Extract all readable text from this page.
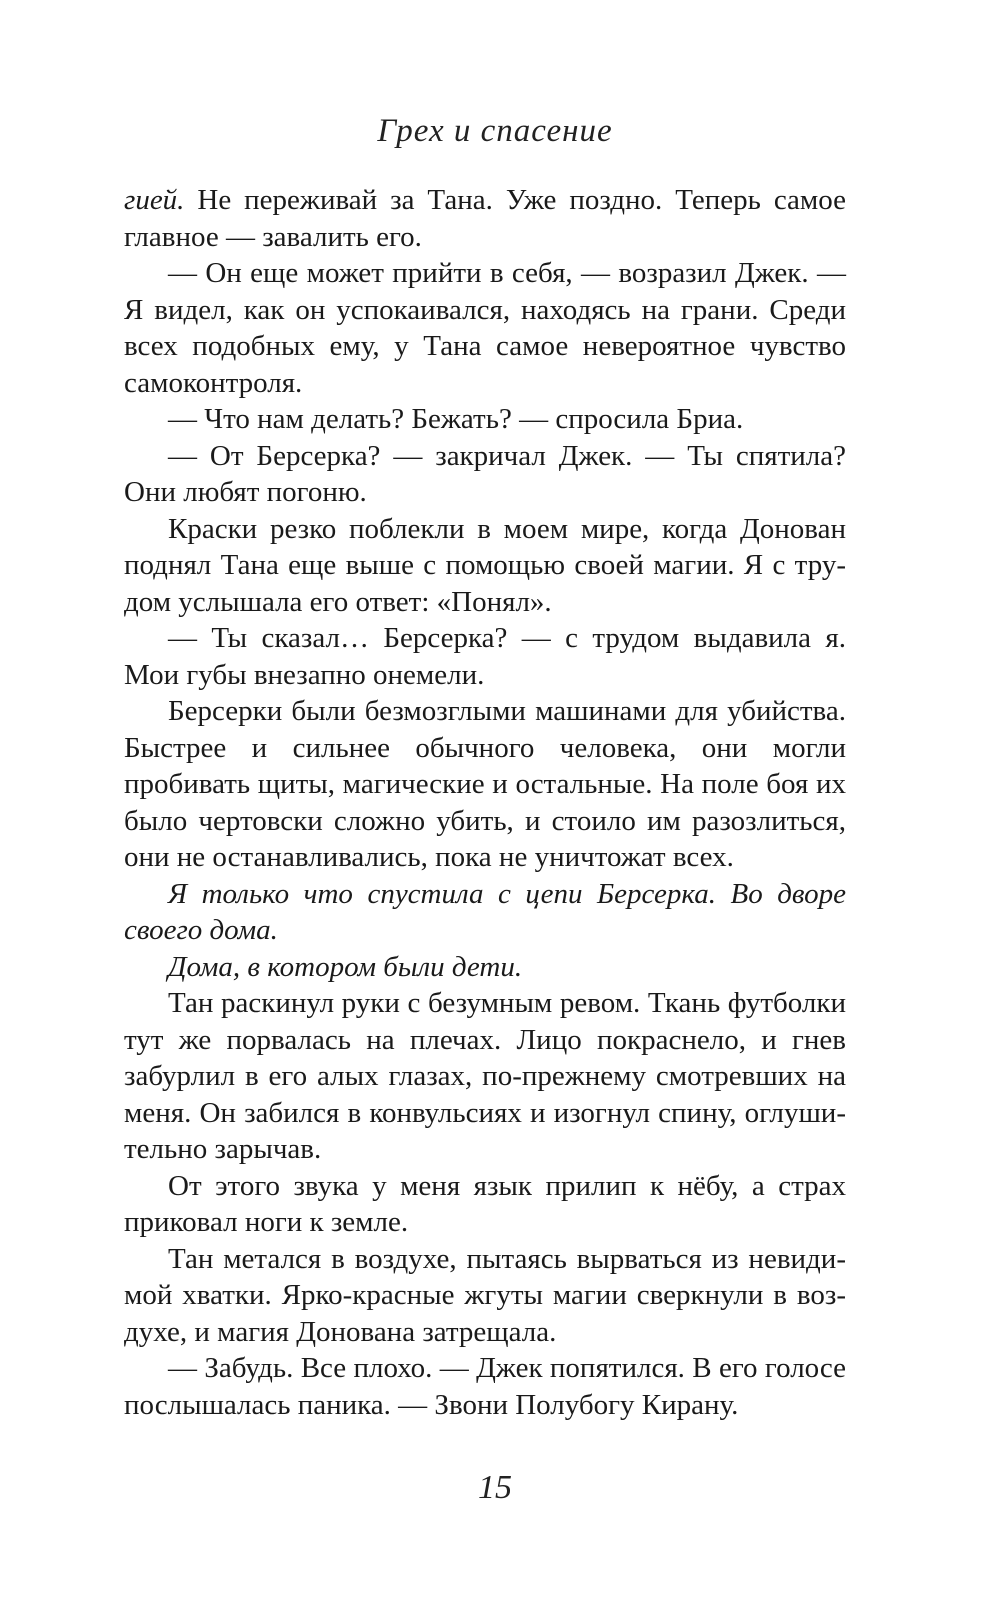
Грех и спасение

гией. Не переживай за Тана. Уже поздно. Теперь самое главное — завалить его.

— Он еще может прийти в себя, — возразил Джек. — Я видел, как он успокаивался, находясь на грани. Среди всех подобных ему, у Тана самое невероятное чувство самоконтроля.

— Что нам делать? Бежать? — спросила Бриа.

— От Берсерка? — закричал Джек. — Ты спятила? Они любят погоню.

Краски резко поблекли в моем мире, когда Донован поднял Тана еще выше с помощью своей магии. Я с трудом услышала его ответ: «Понял».

— Ты сказал… Берсерка? — с трудом выдавила я. Мои губы внезапно онемели.

Берсерки были безмозглыми машинами для убийства. Быстрее и сильнее обычного человека, они могли пробивать щиты, магические и остальные. На поле боя их было чертовски сложно убить, и стоило им разозлиться, они не останавливались, пока не уничтожат всех.

Я только что спустила с цепи Берсерка. Во дворе своего дома.

Дома, в котором были дети.

Тан раскинул руки с безумным ревом. Ткань футболки тут же порвалась на плечах. Лицо покраснело, и гнев забурлил в его алых глазах, по-прежнему смотревших на меня. Он забился в конвульсиях и изогнул спину, оглушительно зарычав.

От этого звука у меня язык прилип к нёбу, а страх приковал ноги к земле.

Тан метался в воздухе, пытаясь вырваться из невидимой хватки. Ярко-красные жгуты магии сверкнули в воздухе, и магия Донована затрещала.

— Забудь. Все плохо. — Джек попятился. В его голосе послышалась паника. — Звони Полубогу Кирану.

15
